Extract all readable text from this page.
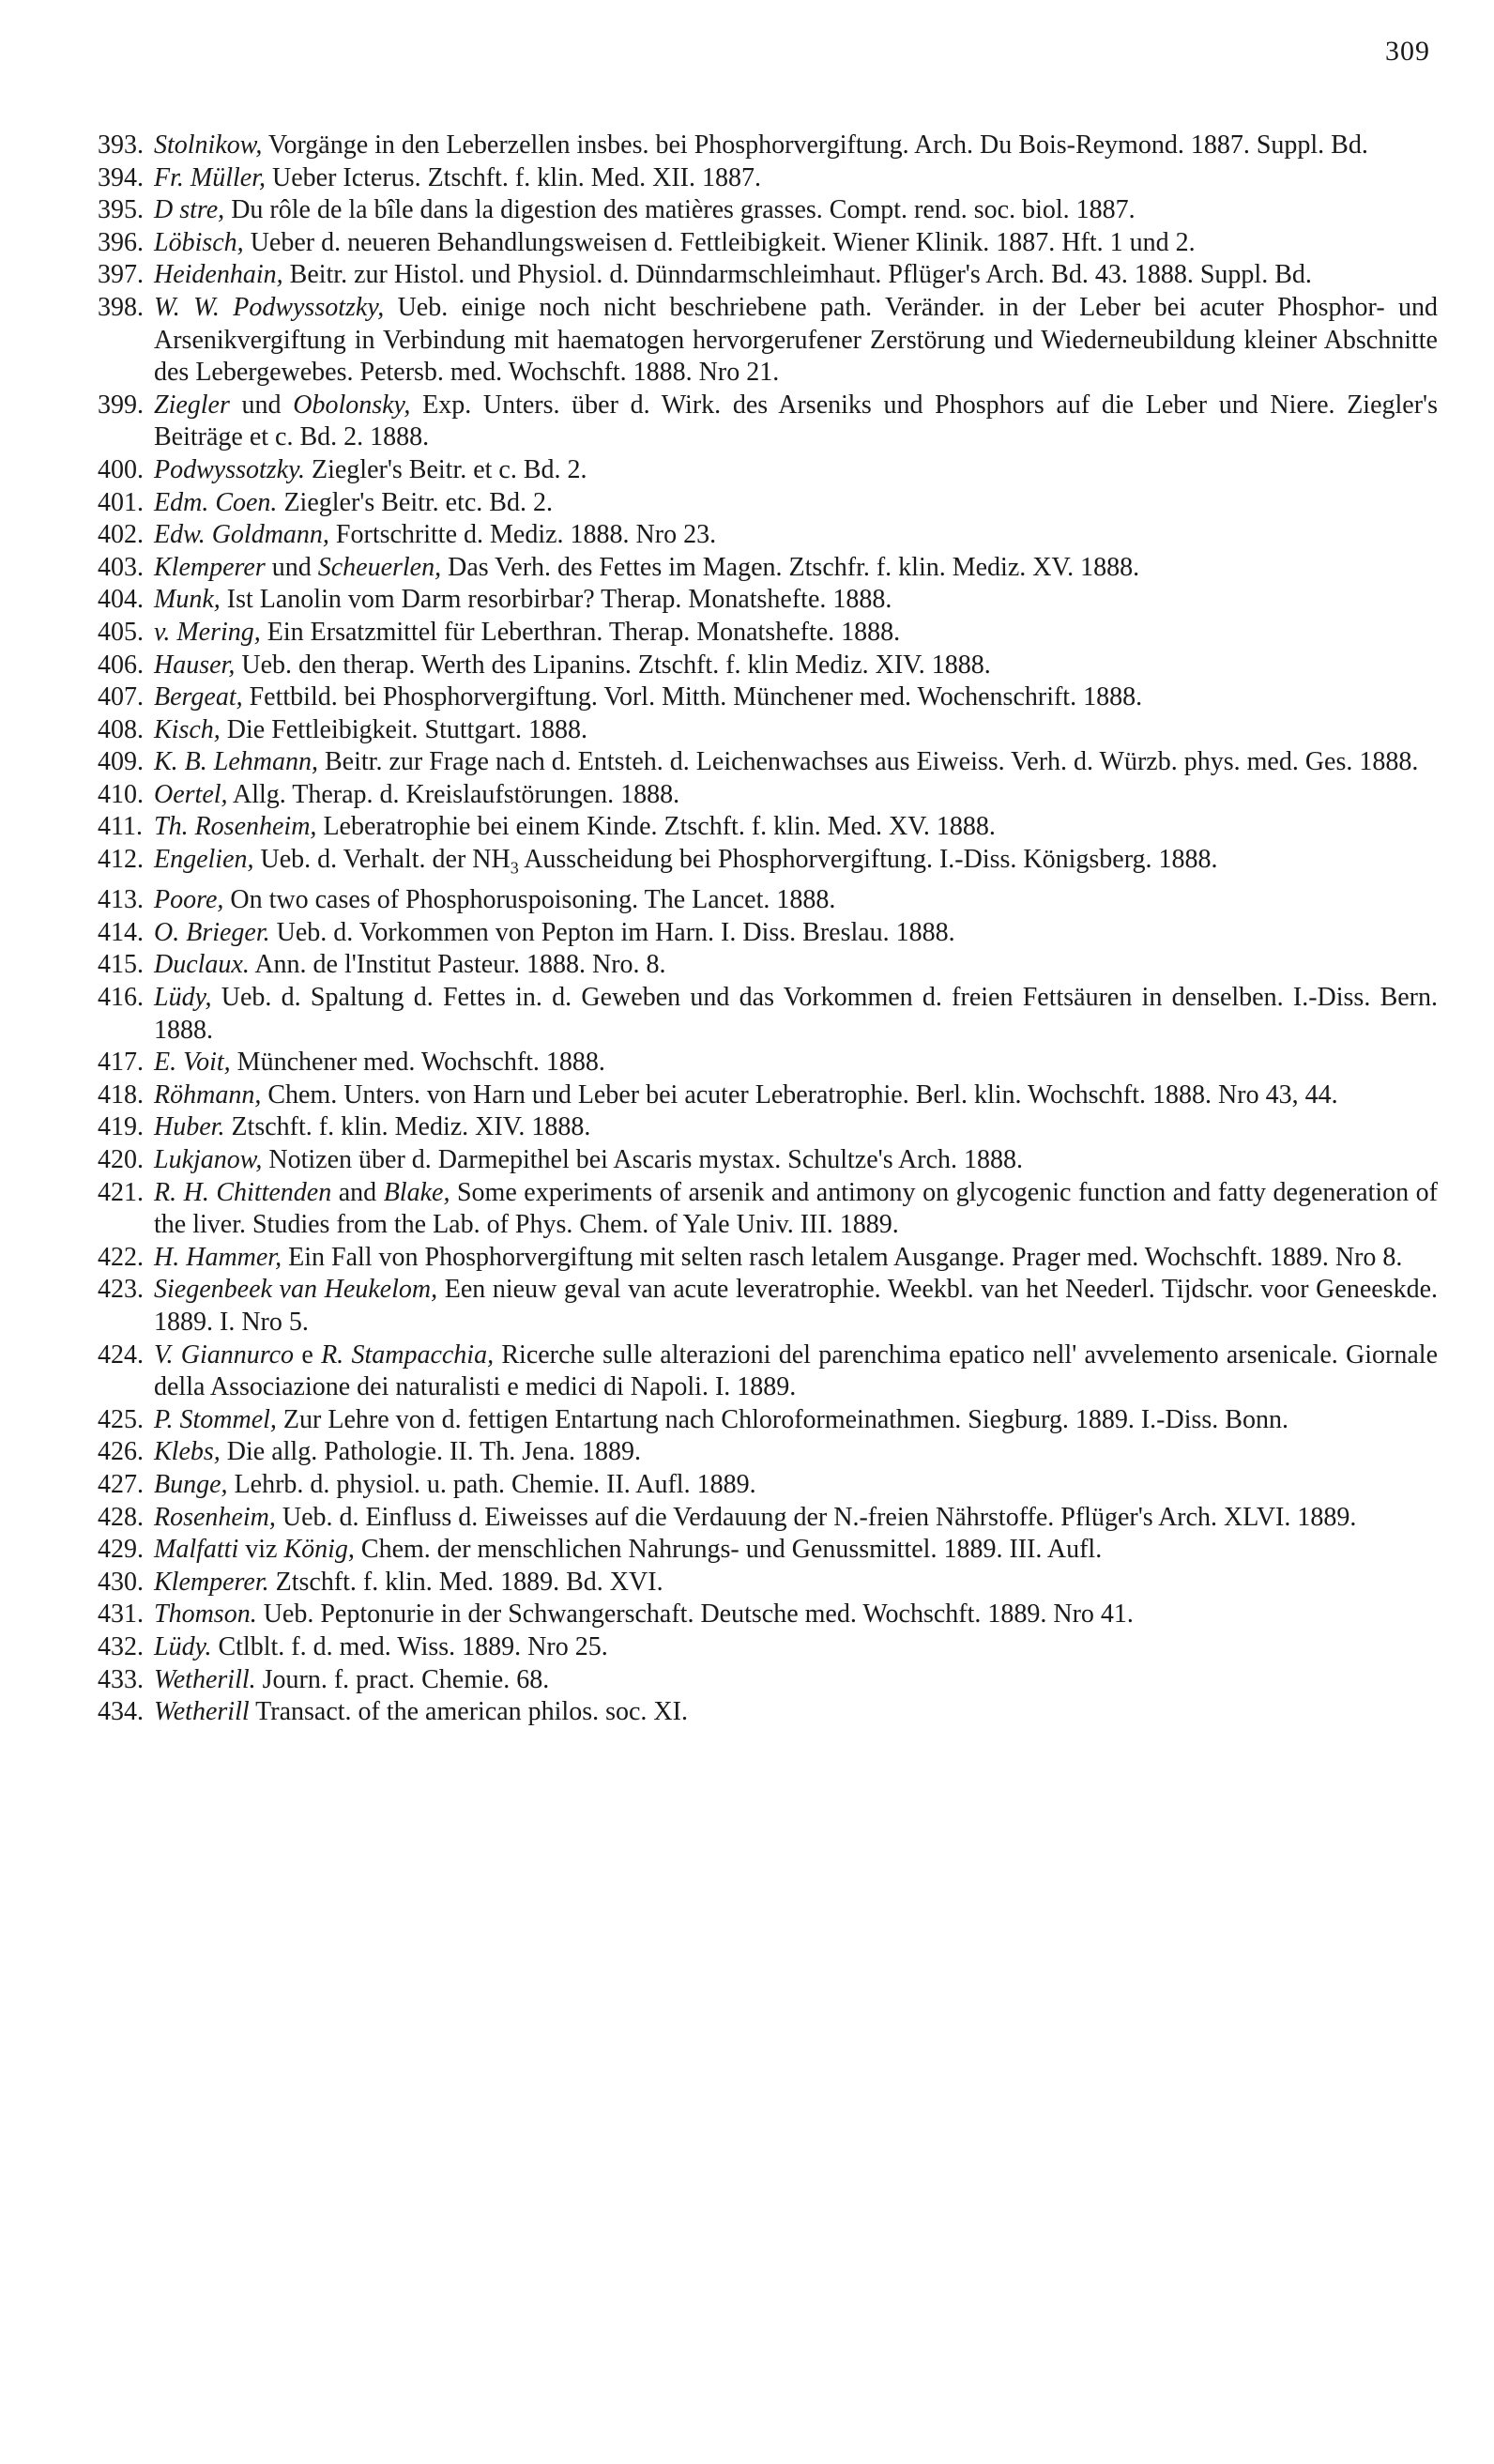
309
393. Stolnikow, Vorgänge in den Leberzellen insbes. bei Phosphorvergiftung. Arch. Du Bois-Reymond. 1887. Suppl. Bd.
394. Fr. Müller, Ueber Icterus. Ztschft. f. klin. Med. XII. 1887.
395. D stre, Du rôle de la bîle dans la digestion des matières grasses. Compt. rend. soc. biol. 1887.
396. Löbisch, Ueber d. neueren Behandlungsweisen d. Fettleibigkeit. Wiener Klinik. 1887. Hft. 1 und 2.
397. Heidenhain, Beitr. zur Histol. und Physiol. d. Dünndarmschleimhaut. Pflüger's Arch. Bd. 43. 1888. Suppl. Bd.
398. W. W. Podwyssotzky, Ueb. einige noch nicht beschriebene path. Veränder. in der Leber bei acuter Phosphor- und Arsenikvergiftung in Verbindung mit haematogen hervorgerufener Zerstörung und Wiederneubildung kleiner Abschnitte des Lebergewebes. Petersb. med. Wochschft. 1888. Nro 21.
399. Ziegler und Obolonsky, Exp. Unters. über d. Wirk. des Arseniks und Phosphors auf die Leber und Niere. Ziegler's Beiträge et c. Bd. 2. 1888.
400. Podwyssotzky. Ziegler's Beitr. et c. Bd. 2.
401. Edm. Coen. Ziegler's Beitr. etc. Bd. 2.
402. Edw. Goldmann, Fortschritte d. Mediz. 1888. Nro 23.
403. Klemperer und Scheuerlen, Das Verh. des Fettes im Magen. Ztschfr. f. klin. Mediz. XV. 1888.
404. Munk, Ist Lanolin vom Darm resorbirbar? Therap. Monatshefte. 1888.
405. v. Mering, Ein Ersatzmittel für Leberthran. Therap. Monatshefte. 1888.
406. Hauser, Ueb. den therap. Werth des Lipanins. Ztschft. f. klin Mediz. XIV. 1888.
407. Bergeat, Fettbild. bei Phosphorvergiftung. Vorl. Mitth. Münchener med. Wochenschrift. 1888.
408. Kisch, Die Fettleibigkeit. Stuttgart. 1888.
409. K. B. Lehmann, Beitr. zur Frage nach d. Entsteh. d. Leichenwachses aus Eiweiss. Verh. d. Würzb. phys. med. Ges. 1888.
410. Oertel, Allg. Therap. d. Kreislaufstörungen. 1888.
411. Th. Rosenheim, Leberatrophie bei einem Kinde. Ztschft. f. klin. Med. XV. 1888.
412. Engelien, Ueb. d. Verhalt. der $NH_3$ Ausscheidung bei Phosphorvergiftung. I.-Diss. Königsberg. 1888.
413. Poore, On two cases of Phosphoruspoisoning. The Lancet. 1888.
414. O. Brieger. Ueb. d. Vorkommen von Pepton im Harn. I. Diss. Breslau. 1888.
415. Duclaux. Ann. de l'Institut Pasteur. 1888. Nro. 8.
416. Lüdy, Ueb. d. Spaltung d. Fettes in. d. Geweben und das Vorkommen d. freien Fettsäuren in denselben. I.-Diss. Bern. 1888.
417. E. Voit, Münchener med. Wochschft. 1888.
418. Röhmann, Chem. Unters. von Harn und Leber bei acuter Leberatrophie. Berl. klin. Wochschft. 1888. Nro 43, 44.
419. Huber. Ztschft. f. klin. Mediz. XIV. 1888.
420. Lukjanow, Notizen über d. Darmepithel bei Ascaris mystax. Schultze's Arch. 1888.
421. R. H. Chittenden and Blake, Some experiments of arsenik and antimony on glycogenic function and fatty degeneration of the liver. Studies from the Lab. of Phys. Chem. of Yale Univ. III. 1889.
422. H. Hammer, Ein Fall von Phosphorvergiftung mit selten rasch letalem Ausgange. Prager med. Wochschft. 1889. Nro 8.
423. Siegenbeek van Heukelom, Een nieuw geval van acute leveratrophie. Weekbl. van het Neederl. Tijdschr. voor Geneeskde. 1889. I. Nro 5.
424. V. Giannurco e R. Stampacchia, Ricerche sulle alterazioni del parenchima epatico nell' avvelemento arsenicale. Giornale della Associazione dei naturalisti e medici di Napoli. I. 1889.
425. P. Stommel, Zur Lehre von d. fettigen Entartung nach Chloroformeinathmen. Siegburg. 1889. I.-Diss. Bonn.
426. Klebs, Die allg. Pathologie. II. Th. Jena. 1889.
427. Bunge, Lehrb. d. physiol. u. path. Chemie. II. Aufl. 1889.
428. Rosenheim, Ueb. d. Einfluss d. Eiweisses auf die Verdauung der N.-freien Nährstoffe. Pflüger's Arch. XLVI. 1889.
429. Malfatti viz König, Chem. der menschlichen Nahrungs- und Genussmittel. 1889. III. Aufl.
430. Klemperer. Ztschft. f. klin. Med. 1889. Bd. XVI.
431. Thomson. Ueb. Peptonurie in der Schwangerschaft. Deutsche med. Wochschft. 1889. Nro 41.
432. Lüdy. Ctlblt. f. d. med. Wiss. 1889. Nro 25.
433. Wetherill. Journ. f. pract. Chemie. 68.
434. Wetherill Transact. of the american philos. soc. XI.
